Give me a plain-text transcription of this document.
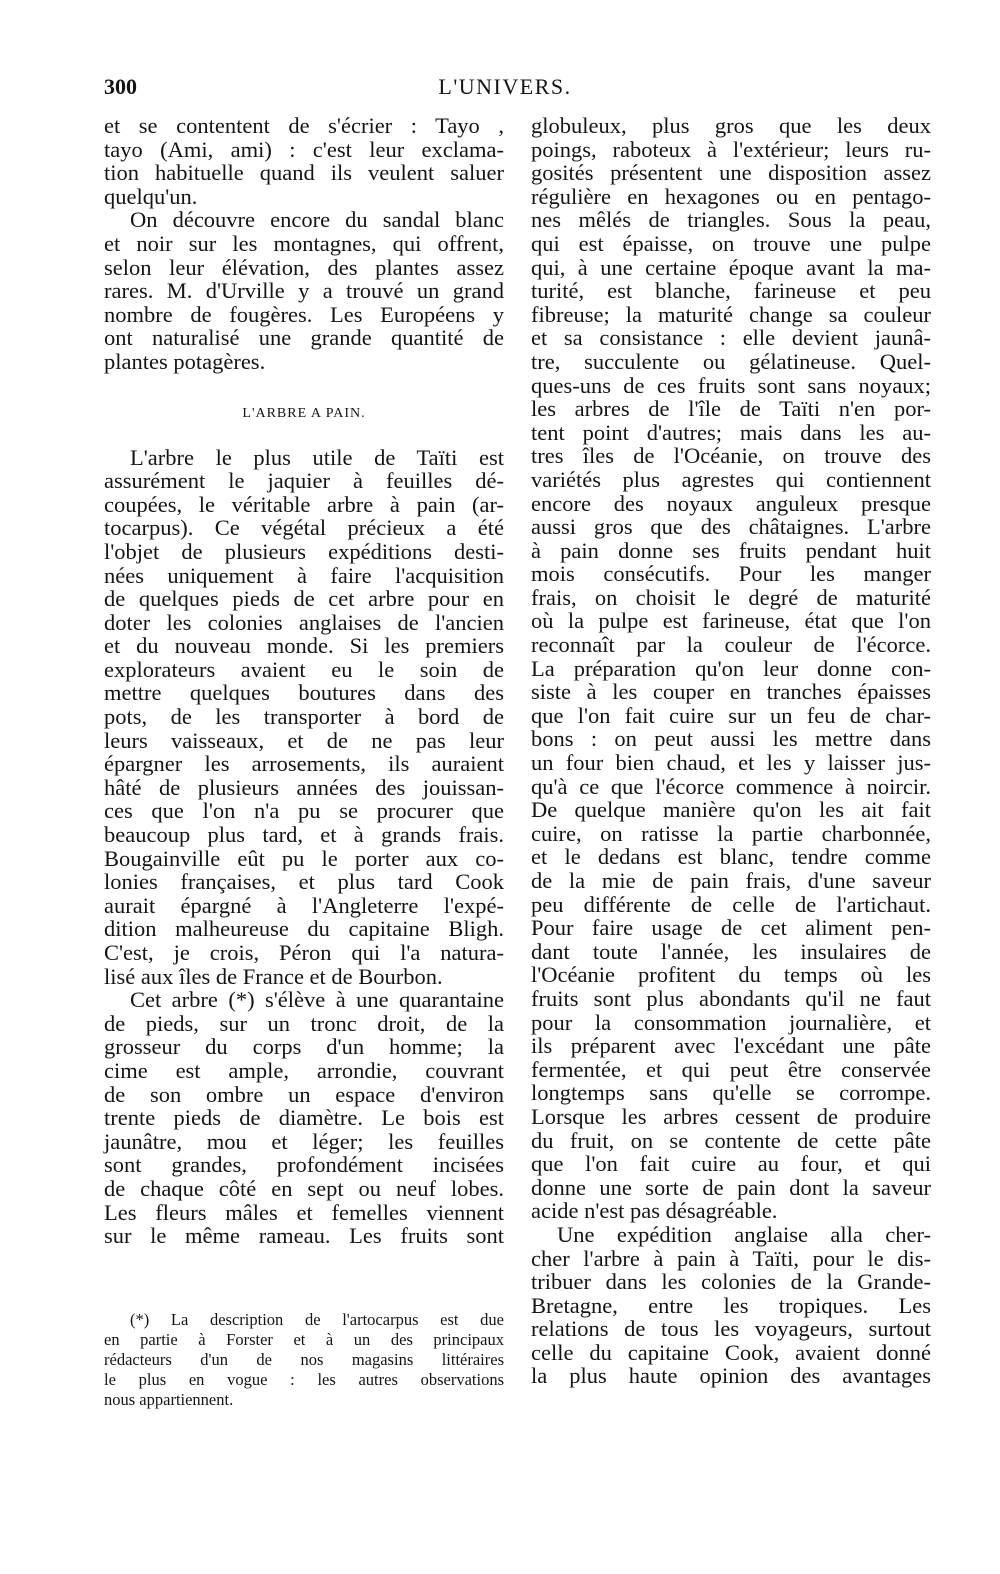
300	L'UNIVERS.
et se contentent de s'écrier : Tayo ,
tayo (Ami, ami) : c'est leur exclama-
tion habituelle quand ils veulent saluer
quelqu'un.
On découvre encore du sandal blanc
et noir sur les montagnes, qui offrent,
selon leur élévation, des plantes assez
rares. M. d'Urville y a trouvé un grand
nombre de fougères. Les Européens y
ont naturalisé une grande quantité de
plantes potagères.
L'ARBRE A PAIN.
L'arbre le plus utile de Taïti est
assurément le jaquier à feuilles dé-
coupées, le véritable arbre à pain (ar-
tocarpus). Ce végétal précieux a été
l'objet de plusieurs expéditions desti-
nées uniquement à faire l'acquisition
de quelques pieds de cet arbre pour en
doter les colonies anglaises de l'ancien
et du nouveau monde. Si les premiers
explorateurs avaient eu le soin de
mettre quelques boutures dans des
pots, de les transporter à bord de
leurs vaisseaux, et de ne pas leur
épargner les arrosements, ils auraient
hâté de plusieurs années des jouissan-
ces que l'on n'a pu se procurer que
beaucoup plus tard, et à grands frais.
Bougainville eût pu le porter aux co-
lonies françaises, et plus tard Cook
aurait épargné à l'Angleterre l'expé-
dition malheureuse du capitaine Bligh.
C'est, je crois, Péron qui l'a natura-
lisé aux îles de France et de Bourbon.
Cet arbre (*) s'élève à une quarantaine
de pieds, sur un tronc droit, de la
grosseur du corps d'un homme; la
cime est ample, arrondie, couvrant
de son ombre un espace d'environ
trente pieds de diamètre. Le bois est
jaunâtre, mou et léger; les feuilles
sont grandes, profondément incisées
de chaque côté en sept ou neuf lobes.
Les fleurs mâles et femelles viennent
sur le même rameau. Les fruits sont
(*) La description de l'artocarpus est due
en partie à Forster et à un des principaux
rédacteurs d'un de nos magasins littéraires
le plus en vogue : les autres observations
nous appartiennent.
globuleux, plus gros que les deux
poings, raboteux à l'extérieur; leurs ru-
gosités présentent une disposition assez
régulière en hexagones ou en pentago-
nes mêlés de triangles. Sous la peau,
qui est épaisse, on trouve une pulpe
qui, à une certaine époque avant la ma-
turité, est blanche, farineuse et peu
fibreuse; la maturité change sa couleur
et sa consistance : elle devient jaunâ-
tre, succulente ou gélatineuse. Quel-
ques-uns de ces fruits sont sans noyaux;
les arbres de l'île de Taïti n'en por-
tent point d'autres; mais dans les au-
tres îles de l'Océanie, on trouve des
variétés plus agrestes qui contiennent
encore des noyaux anguleux presque
aussi gros que des châtaignes. L'arbre
à pain donne ses fruits pendant huit
mois consécutifs. Pour les manger
frais, on choisit le degré de maturité
où la pulpe est farineuse, état que l'on
reconnaît par la couleur de l'écorce.
La préparation qu'on leur donne con-
siste à les couper en tranches épaisses
que l'on fait cuire sur un feu de char-
bons : on peut aussi les mettre dans
un four bien chaud, et les y laisser jus-
qu'à ce que l'écorce commence à noircir.
De quelque manière qu'on les ait fait
cuire, on ratisse la partie charbonnée,
et le dedans est blanc, tendre comme
de la mie de pain frais, d'une saveur
peu différente de celle de l'artichaut.
Pour faire usage de cet aliment pen-
dant toute l'année, les insulaires de
l'Océanie profitent du temps où les
fruits sont plus abondants qu'il ne faut
pour la consommation journalière, et
ils préparent avec l'excédant une pâte
fermentée, et qui peut être conservée
longtemps sans qu'elle se corrompe.
Lorsque les arbres cessent de produire
du fruit, on se contente de cette pâte
que l'on fait cuire au four, et qui
donne une sorte de pain dont la saveur
acide n'est pas désagréable.
Une expédition anglaise alla cher-
cher l'arbre à pain à Taïti, pour le dis-
tribuer dans les colonies de la Grande-
Bretagne, entre les tropiques. Les
relations de tous les voyageurs, surtout
celle du capitaine Cook, avaient donné
la plus haute opinion des avantages
